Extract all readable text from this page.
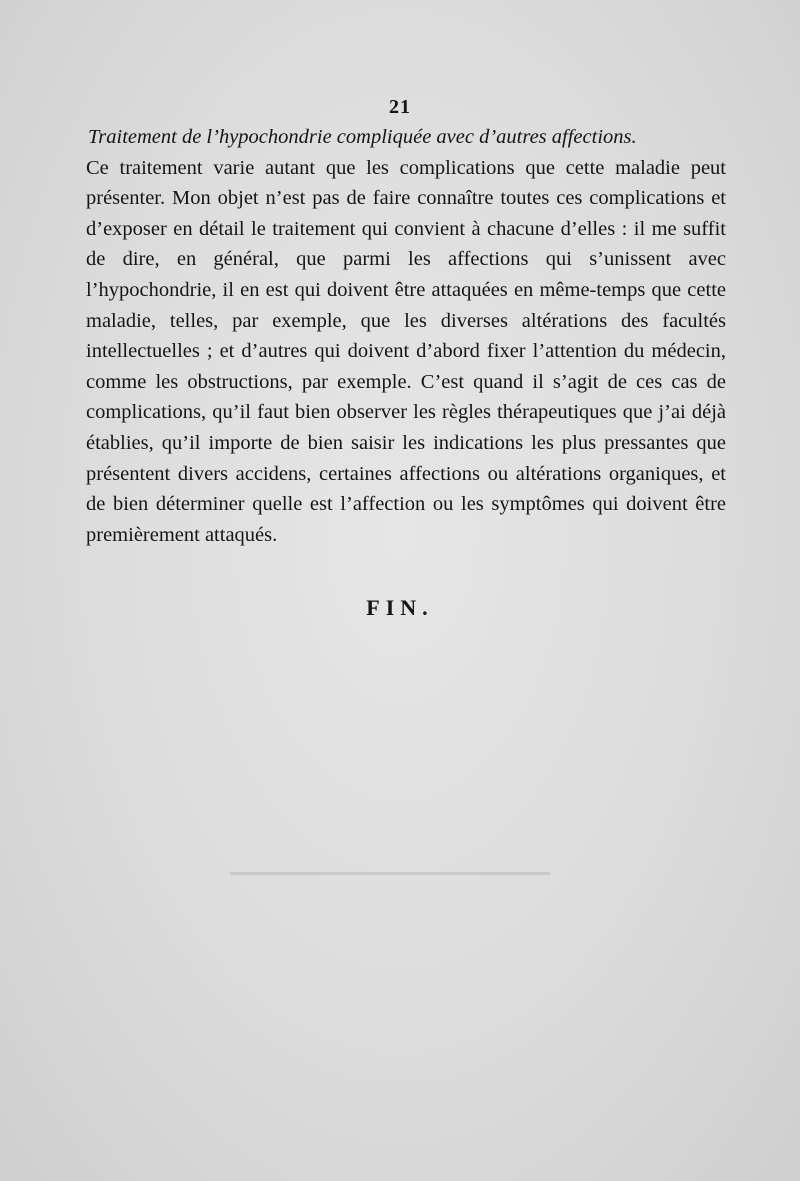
21
Traitement de l’hypochondrie compliquée avec d’autres affections.
Ce traitement varie autant que les complications que cette maladie peut présenter. Mon objet n’est pas de faire connaître toutes ces complications et d’exposer en détail le traitement qui convient à chacune d’elles : il me suffit de dire, en général, que parmi les affections qui s’unissent avec l’hypochondrie, il en est qui doivent être attaquées en même-temps que cette maladie, telles, par exemple, que les diverses altérations des facultés intellectuelles ; et d’autres qui doivent d’abord fixer l’attention du médecin, comme les obstructions, par exemple. C’est quand il s’agit de ces cas de complications, qu’il faut bien observer les règles thérapeutiques que j’ai déjà établies, qu’il importe de bien saisir les indications les plus pressantes que présentent divers accidens, certaines affections ou altérations organiques, et de bien déterminer quelle est l’affection ou les symptômes qui doivent être premièrement attaqués.
FIN.
